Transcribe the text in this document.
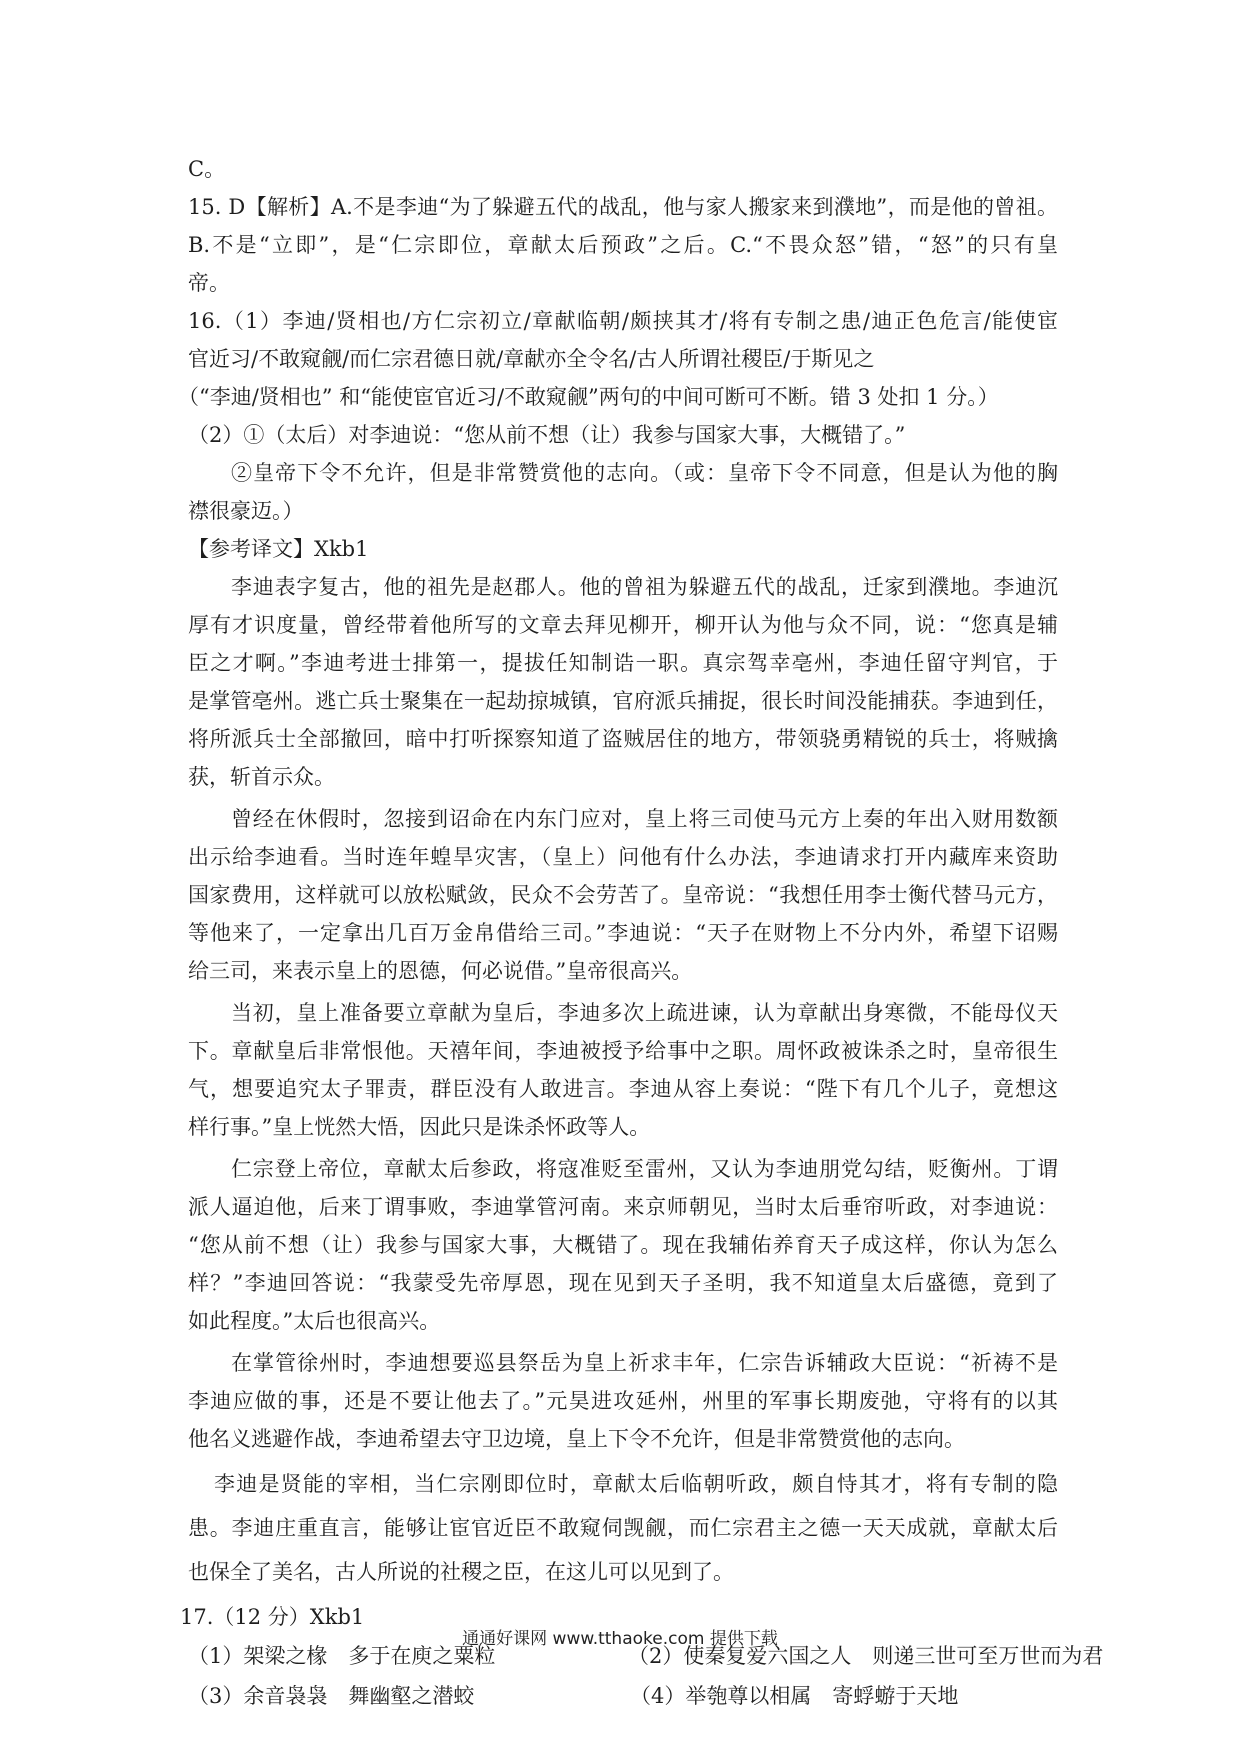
C。
15. D【解析】A.不是李迪“为了躲避五代的战乱，他与家人搬家来到濮地”，而是他的曾祖。
B.不是“立即”，是“仁宗即位，章献太后预政”之后。C.“不畏众怒”错，“怒”的只有皇
帝。
16.（1）李迪/贤相也/方仁宗初立/章献临朝/颇挟其才/将有专制之患/迪正色危言/能使宦
官近习/不敢窥觎/而仁宗君德日就/章献亦全令名/古人所谓社稷臣/于斯见之
（“李迪/贤相也” 和“能使宦官近习/不敢窥觎”两句的中间可断可不断。错 3 处扣 1 分。）
（2）①（太后）对李迪说：“您从前不想（让）我参与国家大事，大概错了。”
②皇帝下令不允许，但是非常赞赏他的志向。（或：皇帝下令不同意，但是认为他的胸
襟很豪迈。）
【参考译文】Xkb1
李迪表字复古，他的祖先是赵郡人。他的曾祖为躲避五代的战乱，迁家到濮地。李迪沉
厚有才识度量，曾经带着他所写的文章去拜见柳开，柳开认为他与众不同，说：“您真是辅
臣之才啊。”李迪考进士排第一，提拔任知制诰一职。真宗驾幸亳州，李迪任留守判官，于
是掌管亳州。逃亡兵士聚集在一起劫掠城镇，官府派兵捕捉，很长时间没能捕获。李迪到任，
将所派兵士全部撤回，暗中打听探察知道了盗贼居住的地方，带领骁勇精锐的兵士，将贼擒
获，斩首示众。
曾经在休假时，忽接到诏命在内东门应对，皇上将三司使马元方上奏的年出入财用数额
出示给李迪看。当时连年蝗旱灾害，（皇上）问他有什么办法，李迪请求打开内藏库来资助
国家费用，这样就可以放松赋敛，民众不会劳苦了。皇帝说：“我想任用李士衡代替马元方，
等他来了，一定拿出几百万金帛借给三司。”李迪说：“天子在财物上不分内外，希望下诏赐
给三司，来表示皇上的恩德，何必说借。”皇帝很高兴。
当初，皇上准备要立章献为皇后，李迪多次上疏进谏，认为章献出身寒微，不能母仪天
下。章献皇后非常恨他。天禧年间，李迪被授予给事中之职。周怀政被诛杀之时，皇帝很生
气，想要追究太子罪责，群臣没有人敢进言。李迪从容上奏说：“陛下有几个儿子，竟想这
样行事。”皇上恍然大悟，因此只是诛杀怀政等人。
仁宗登上帝位，章献太后参政，将寇准贬至雷州，又认为李迪朋党勾结，贬衡州。丁谓
派人逼迫他，后来丁谓事败，李迪掌管河南。来京师朝见，当时太后垂帘听政，对李迪说：
“您从前不想（让）我参与国家大事，大概错了。现在我辅佑养育天子成这样，你认为怎么
样？”李迪回答说：“我蒙受先帝厚恩，现在见到天子圣明，我不知道皇太后盛德，竟到了
如此程度。”太后也很高兴。
在掌管徐州时，李迪想要巡县祭岳为皇上祈求丰年，仁宗告诉辅政大臣说：“祈祷不是
李迪应做的事，还是不要让他去了。”元昊进攻延州，州里的军事长期废弛，守将有的以其
他名义逃避作战，李迪希望去守卫边境，皇上下令不允许，但是非常赞赏他的志向。
李迪是贤能的宰相，当仁宗刚即位时，章献太后临朝听政，颇自恃其才，将有专制的隐
患。李迪庄重直言，能够让宦官近臣不敢窥伺觊觎，而仁宗君主之德一天天成就，章献太后
也保全了美名，古人所说的社稷之臣，在这儿可以见到了。
17.（12 分）Xkb1
（1）架梁之椽　多于在庾之粟粒	（2）使秦复爱六国之人　则递三世可至万世而为君
（3）余音袅袅　舞幽壑之潜蛟	（4）举匏尊以相属　寄蜉蝣于天地
通通好课网 www.tthaoke.com 提供下载
